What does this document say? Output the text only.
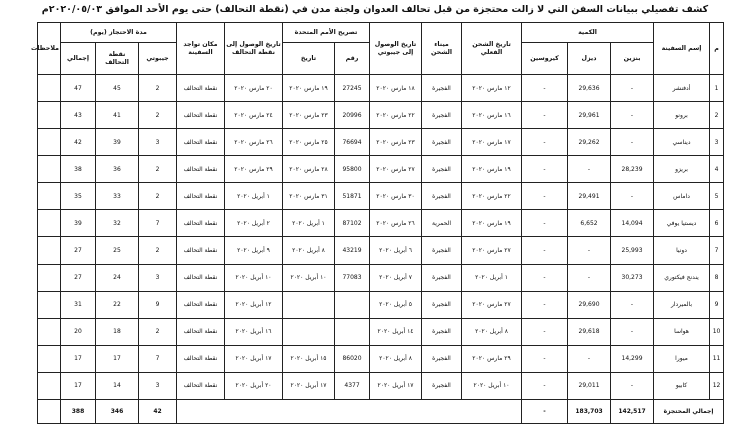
كشف تفصيلي ببيانات السفن التي لا زالت محتجزة من قبل تحالف العدوان ولجنة مدن في (نقطة التحالف) حتى يوم الأحد الموافق ٢٠٢٠/٠٥/٠٣م
م	إسم السفينة	الكمية			تاريخ الشحن الفعلي	ميناء الشحن	تاريخ الوصول إلى جيبوتي	تصريح الأمم المتحدة		تاريخ الوصول إلى نقطة التحالف	مكان تواجد السفينة	مدة الاحتجاز (يوم)			ملاحظات
		بنزين	ديزل	كيروسين				رقم	تاريخ			جيبوتي	نقطة التحالف	إجمالي	

1	أدفنشر	-	29,636	-	١٢ مارس ٢٠٢٠	الفجيرة	١٨ مارس ٢٠٢٠	27245	١٩ مارس ٢٠٢٠	٢٠ مارس ٢٠٢٠	نقطة التحالف	2	45	47	
2	برونو	-	29,961	-	١٦ مارس ٢٠٢٠	الفجيرة	٢٢ مارس ٢٠٢٠	20996	٢٣ مارس ٢٠٢٠	٢٤ مارس ٢٠٢٠	نقطة التحالف	2	41	43	
3	ديناسي	-	29,262	-	١٧ مارس ٢٠٢٠	الفجيرة	٢٣ مارس ٢٠٢٠	76694	٢٥ مارس ٢٠٢٠	٢٦ مارس ٢٠٢٠	نقطة التحالف	3	39	42	
4	بريزو	28,239	-	-	١٩ مارس ٢٠٢٠	الفجيرة	٢٧ مارس ٢٠٢٠	95800	٢٨ مارس ٢٠٢٠	٢٩ مارس ٢٠٢٠	نقطة التحالف	2	36	38	
5	داماس	-	29,491	-	٢٢ مارس ٢٠٢٠	الفجيرة	٣٠ مارس ٢٠٢٠	51871	٣١ مارس ٢٠٢٠	١ أبريل ٢٠٢٠	نقطة التحالف	2	33	35	
6	ديستيا يوفي	14,094	6,652	-	١٩ مارس ٢٠٢٠	الحمرية	٢٦ مارس ٢٠٢٠	87102	١ أبريل ٢٠٢٠	٢ أبريل ٢٠٢٠	نقطة التحالف	7	32	39	
7	دونيا	25,993	-	-	٢٧ مارس ٢٠٢٠	الفجيرة	٦ أبريل ٢٠٢٠	43219	٨ أبريل ٢٠٢٠	٩ أبريل ٢٠٢٠	نقطة التحالف	2	25	27	
8	يندنج فيكتوري	30,273	-	-	١ أبريل ٢٠٢٠	الفجيرة	٧ أبريل ٢٠٢٠	77083	١٠ أبريل ٢٠٢٠	١٠ أبريل ٢٠٢٠	نقطة التحالف	3	24	27	
9	بالميردار	-	29,690	-	٢٧ مارس ٢٠٢٠	الفجيرة	٥ أبريل ٢٠٢٠			١٢ أبريل ٢٠٢٠	نقطة التحالف	9	22	31	
10	هواسا	-	29,618	-	٨ أبريل ٢٠٢٠	الفجيرة	١٤ أبريل ٢٠٢٠			١٦ أبريل ٢٠٢٠	نقطة التحالف	2	18	20	
11	ميورا	14,299	-	-	٢٩ مارس ٢٠٢٠	الفجيرة	٨ أبريل ٢٠٢٠	86020	١٥ أبريل ٢٠٢٠	١٧ أبريل ٢٠٢٠	نقطة التحالف	7	17	17	
12	كابيو	-	29,011	-	١٠ أبريل ٢٠٢٠	الفجيرة	١٧ أبريل ٢٠٢٠	4377	١٧ أبريل ٢٠٢٠	٢٠ أبريل ٢٠٢٠	نقطة التحالف	3	14	17	
إجمالي المحتجزة		142,517	183,703	-								42	346	388	
